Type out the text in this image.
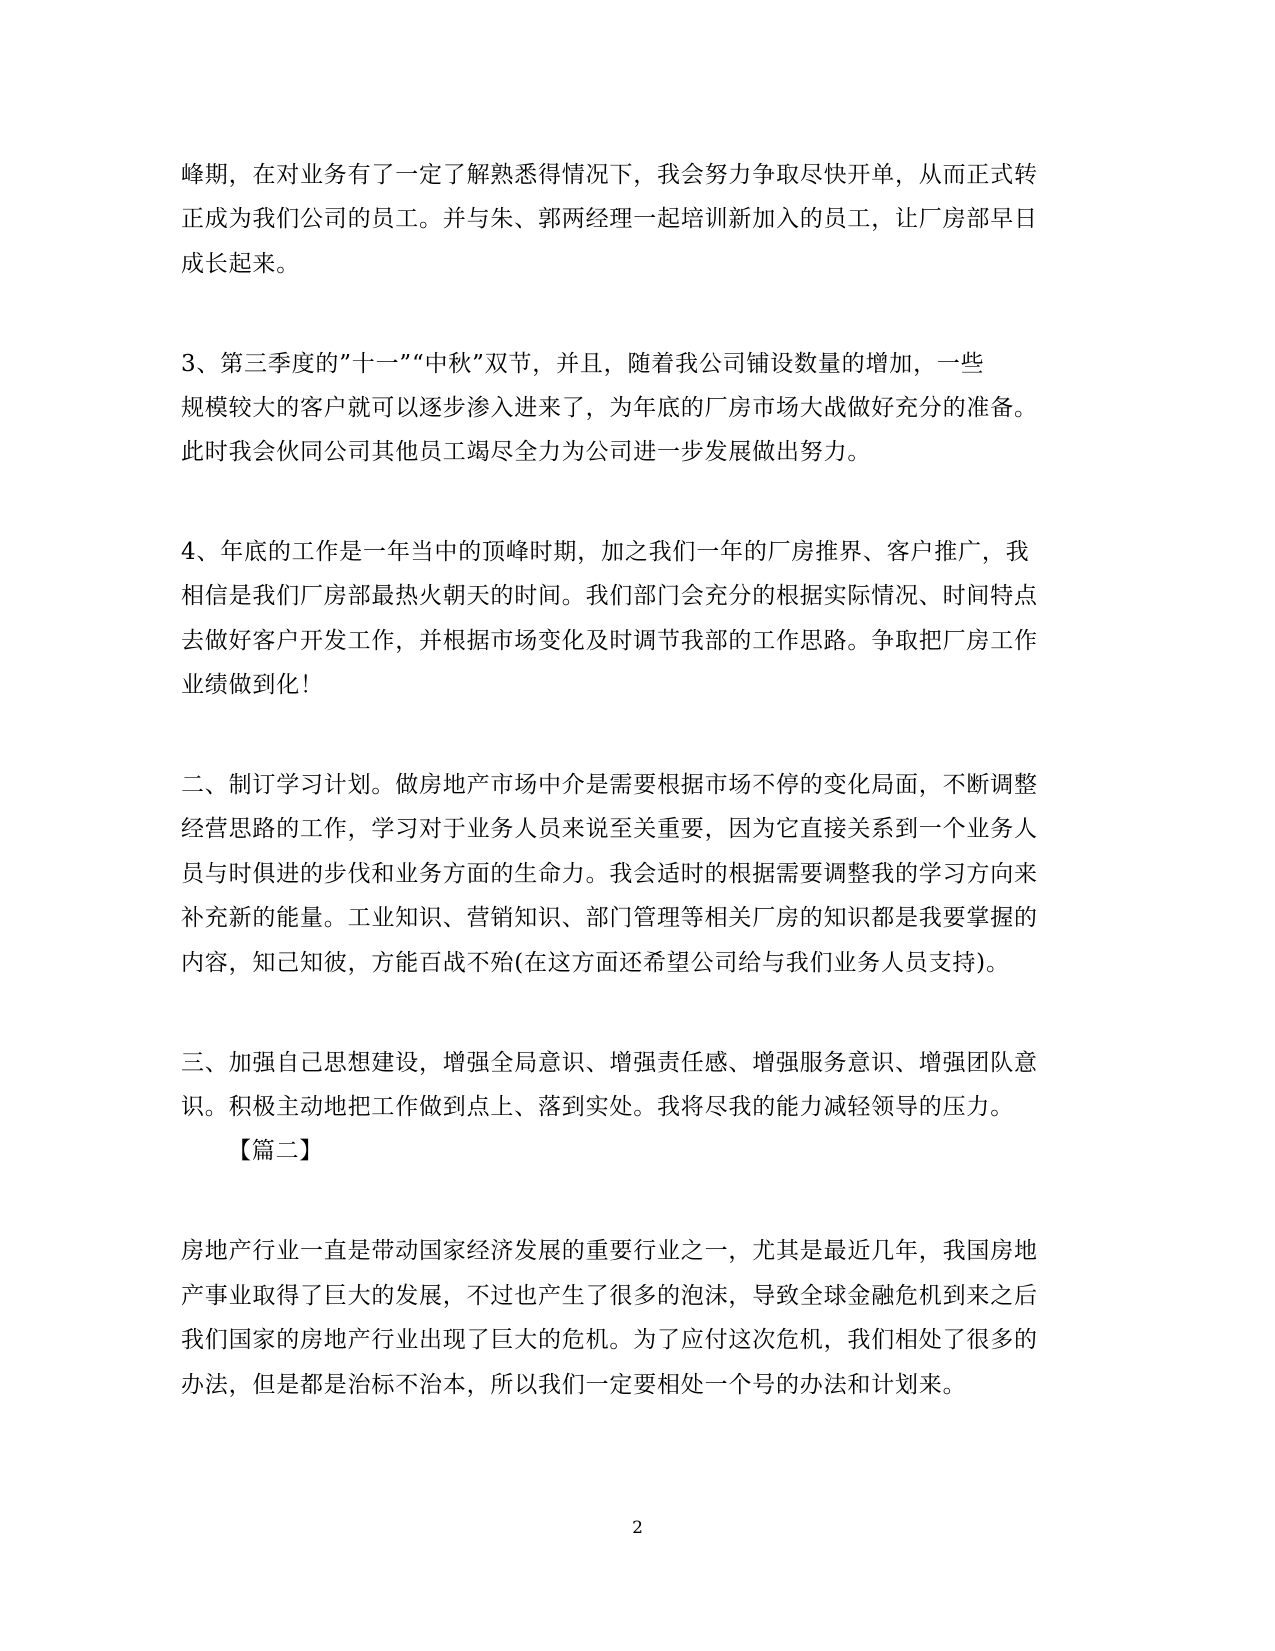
峰期，在对业务有了一定了解熟悉得情况下，我会努力争取尽快开单，从而正式转
正成为我们公司的员工。并与朱、郭两经理一起培训新加入的员工，让厂房部早日
成长起来。
3、第三季度的”十一”“中秋”双节，并且，随着我公司铺设数量的增加，一些
规模较大的客户就可以逐步渗入进来了，为年底的厂房市场大战做好充分的准备。
此时我会伙同公司其他员工竭尽全力为公司进一步发展做出努力。
4、年底的工作是一年当中的顶峰时期，加之我们一年的厂房推界、客户推广，我
相信是我们厂房部最热火朝天的时间。我们部门会充分的根据实际情况、时间特点
去做好客户开发工作，并根据市场变化及时调节我部的工作思路。争取把厂房工作
业绩做到化！
二、制订学习计划。做房地产市场中介是需要根据市场不停的变化局面，不断调整
经营思路的工作，学习对于业务人员来说至关重要，因为它直接关系到一个业务人
员与时俱进的步伐和业务方面的生命力。我会适时的根据需要调整我的学习方向来
补充新的能量。工业知识、营销知识、部门管理等相关厂房的知识都是我要掌握的
内容，知己知彼，方能百战不殆(在这方面还希望公司给与我们业务人员支持)。
三、加强自己思想建设，增强全局意识、增强责任感、增强服务意识、增强团队意
识。积极主动地把工作做到点上、落到实处。我将尽我的能力减轻领导的压力。
【篇二】
房地产行业一直是带动国家经济发展的重要行业之一，尤其是最近几年，我国房地
产事业取得了巨大的发展，不过也产生了很多的泡沫，导致全球金融危机到来之后
我们国家的房地产行业出现了巨大的危机。为了应付这次危机，我们相处了很多的
办法，但是都是治标不治本，所以我们一定要相处一个号的办法和计划来。
2
